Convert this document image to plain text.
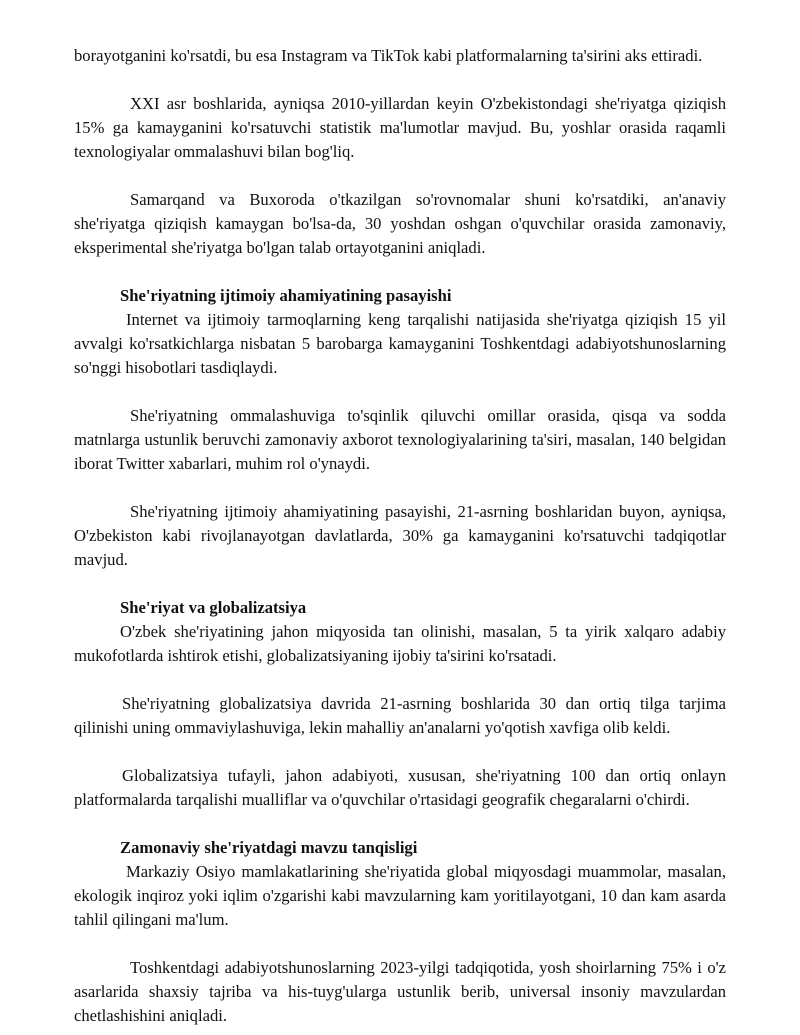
borayotganini ko'rsatdi, bu esa Instagram va TikTok kabi platformalarning ta'sirini aks ettiradi.

XXI asr boshlarida, ayniqsa 2010-yillardan keyin O'zbekistondagi she'riyatga qiziqish 15% ga kamayganini ko'rsatuvchi statistik ma'lumotlar mavjud. Bu, yoshlar orasida raqamli texnologiyalar ommalashuvi bilan bog'liq.

Samarqand va Buxoroda o'tkazilgan so'rovnomalar shuni ko'rsatdiki, an'anaviy she'riyatga qiziqish kamaygan bo'lsa-da, 30 yoshdan oshgan o'quvchilar orasida zamonaviy, eksperimental she'riyatga bo'lgan talab ortayotganini aniqladi.

She'riyatning ijtimoiy ahamiyatining pasayishi

Internet va ijtimoiy tarmoqlarning keng tarqalishi natijasida she'riyatga qiziqish 15 yil avvalgi ko'rsatkichlarga nisbatan 5 barobarga kamayganini Toshkentdagi adabiyotshunoslarning so'nggi hisobotlari tasdiqlaydi.

She'riyatning ommalashuviga to'sqinlik qiluvchi omillar orasida, qisqa va sodda matnlarga ustunlik beruvchi zamonaviy axborot texnologiyalarining ta'siri, masalan, 140 belgidan iborat Twitter xabarlari, muhim rol o'ynaydi.

She'riyatning ijtimoiy ahamiyatining pasayishi, 21-asrning boshlaridan buyon, ayniqsa, O'zbekiston kabi rivojlanayotgan davlatlarda, 30% ga kamayganini ko'rsatuvchi tadqiqotlar mavjud.

She'riyat va globalizatsiya

O'zbek she'riyatining jahon miqyosida tan olinishi, masalan, 5 ta yirik xalqaro adabiy mukofotlarda ishtirok etishi, globalizatsiyaning ijobiy ta'sirini ko'rsatadi.

She'riyatning globalizatsiya davrida 21-asrning boshlarida 30 dan ortiq tilga tarjima qilinishi uning ommaviylashuviga, lekin mahalliy an'analarni yo'qotish xavfiga olib keldi.

Globalizatsiya tufayli, jahon adabiyoti, xususan, she'riyatning 100 dan ortiq onlayn platformalarda tarqalishi mualliflar va o'quvchilar o'rtasidagi geografik chegaralarni o'chirdi.

Zamonaviy she'riyatdagi mavzu tanqisligi

Markaziy Osiyo mamlakatlarining she'riyatida global miqyosdagi muammolar, masalan, ekologik inqiroz yoki iqlim o'zgarishi kabi mavzularning kam yoritilayotgani, 10 dan kam asarda tahlil qilingani ma'lum.

Toshkentdagi adabiyotshunoslarning 2023-yilgi tadqiqotida, yosh shoirlarning 75% i o'z asarlarida shaxsiy tajriba va his-tuyg'ularga ustunlik berib, universal insoniy mavzulardan chetlashishini aniqladi.
